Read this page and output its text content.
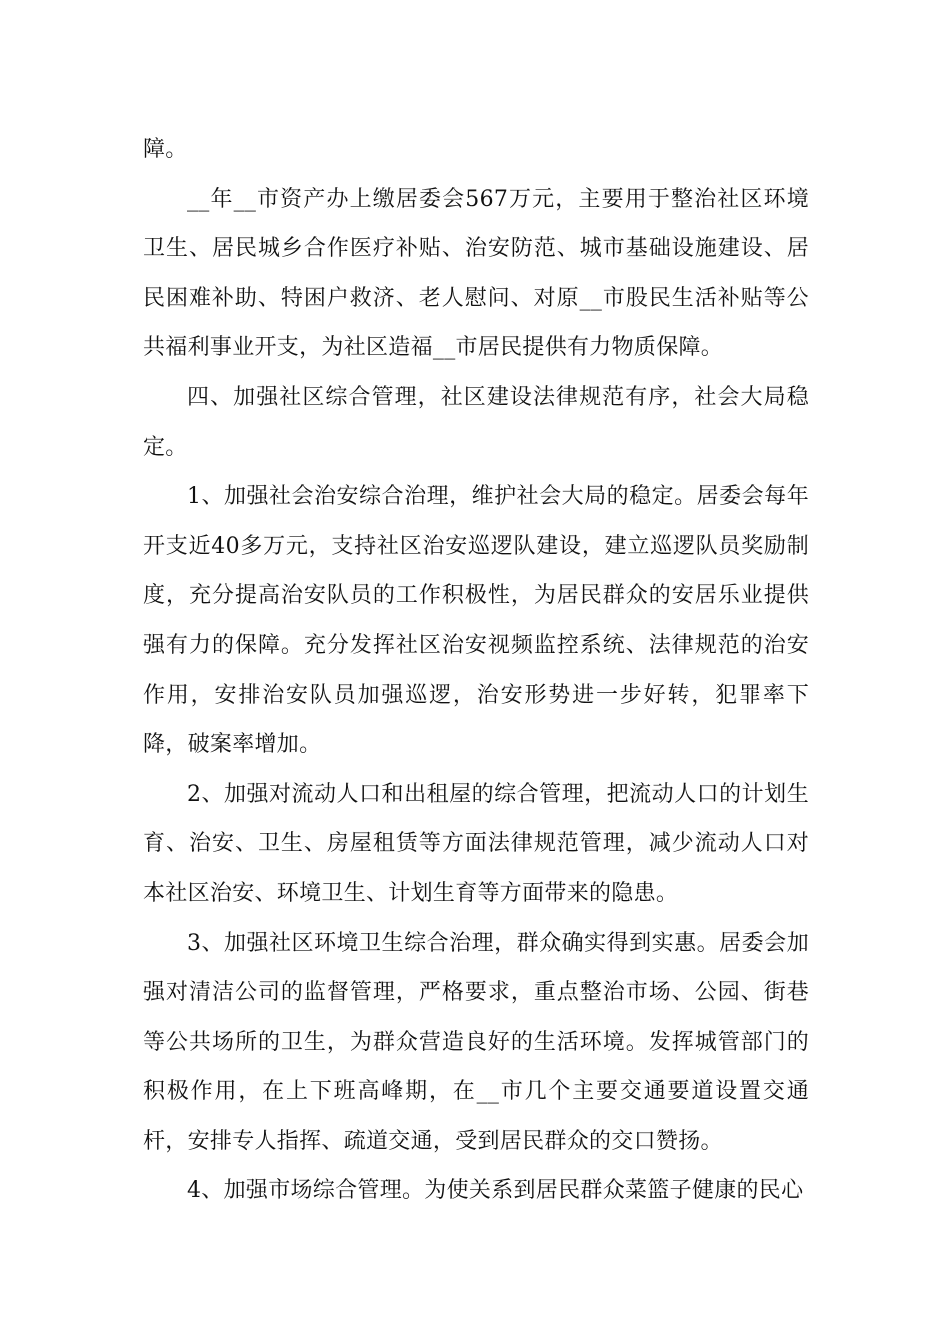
障。

__年__市资产办上缴居委会567万元，主要用于整治社区环境卫生、居民城乡合作医疗补贴、治安防范、城市基础设施建设、居民困难补助、特困户救济、老人慰问、对原__市股民生活补贴等公共福利事业开支，为社区造福__市居民提供有力物质保障。

四、加强社区综合管理，社区建设法律规范有序，社会大局稳定。

1、加强社会治安综合治理，维护社会大局的稳定。居委会每年开支近40多万元，支持社区治安巡逻队建设，建立巡逻队员奖励制度，充分提高治安队员的工作积极性，为居民群众的安居乐业提供强有力的保障。充分发挥社区治安视频监控系统、法律规范的治安作用，安排治安队员加强巡逻，治安形势进一步好转，犯罪率下降，破案率增加。

2、加强对流动人口和出租屋的综合管理，把流动人口的计划生育、治安、卫生、房屋租赁等方面法律规范管理，减少流动人口对本社区治安、环境卫生、计划生育等方面带来的隐患。

3、加强社区环境卫生综合治理，群众确实得到实惠。居委会加强对清洁公司的监督管理，严格要求，重点整治市场、公园、街巷等公共场所的卫生，为群众营造良好的生活环境。发挥城管部门的积极作用，在上下班高峰期，在__市几个主要交通要道设置交通杆，安排专人指挥、疏道交通，受到居民群众的交口赞扬。

4、加强市场综合管理。为使关系到居民群众菜篮子健康的民心
